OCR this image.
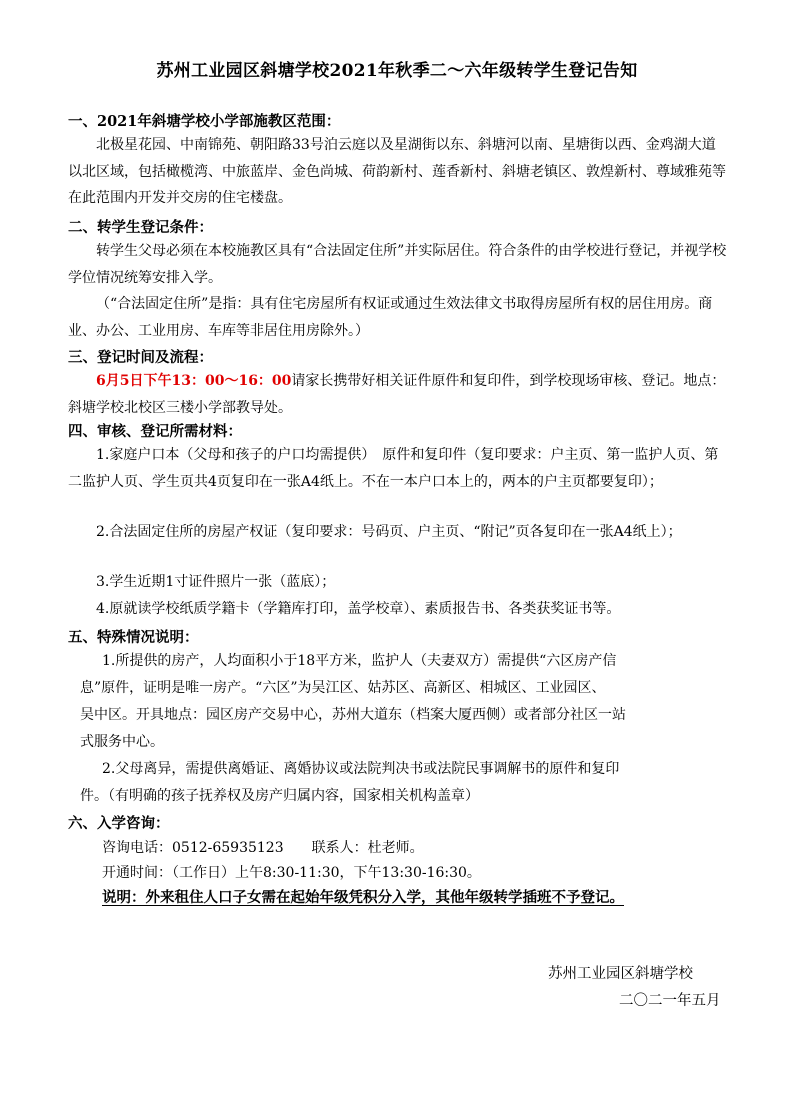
苏州工业园区斜塘学校2021年秋季二～六年级转学生登记告知
一、2021年斜塘学校小学部施教区范围：
北极星花园、中南锦苑、朝阳路33号泊云庭以及星湖街以东、斜塘河以南、星塘街以西、金鸡湖大道以北区域，包括橄榄湾、中旅蓝岸、金色尚城、荷韵新村、莲香新村、斜塘老镇区、敦煌新村、尊域雅苑等在此范围内开发并交房的住宅楼盘。
二、转学生登记条件：
转学生父母必须在本校施教区具有“合法固定住所”并实际居住。符合条件的由学校进行登记，并视学校学位情况统筹安排入学。
（“合法固定住所”是指：具有住宅房屋所有权证或通过生效法律文书取得房屋所有权的居住用房。商业、办公、工业用房、车库等非居住用房除外。）
三、登记时间及流程：
6月5日下午13：00～16：00请家长携带好相关证件原件和复印件，到学校现场审核、登记。地点：斜塘学校北校区三楼小学部教导处。
四、审核、登记所需材料：
1.家庭户口本（父母和孩子的户口均需提供）　原件和复印件（复印要求：户主页、第一监护人页、第二监护人页、学生页共4页复印在一张A4纸上。不在一本户口本上的，两本的户主页都要复印）；
2.合法固定住所的房屋产权证（复印要求：号码页、户主页、“附记”页各复印在一张A4纸上）；
3.学生近期1寸证件照片一张（蓝底）；
4.原就读学校纸质学籍卡（学籍库打印，盖学校章）、素质报告书、各类获奖证书等。
五、特殊情况说明：
1.所提供的房产，人均面积小于18平方米，监护人（夫妻双方）需提供“六区房产信
息”原件，证明是唯一房产。“六区”为吴江区、姑苏区、高新区、相城区、工业园区、
吴中区。开具地点：园区房产交易中心，苏州大道东（档案大厦西侧）或者部分社区一站
式服务中心。
2.父母离异，需提供离婚证、离婚协议或法院判决书或法院民事调解书的原件和复印
件。（有明确的孩子抚养权及房产归属内容，国家相关机构盖章）
六、入学咨询：
咨询电话：0512-65935123　　联系人：杜老师。
开通时间：（工作日）上午8:30-11:30，下午13:30-16:30。
说明：外来租住人口子女需在起始年级凭积分入学，其他年级转学插班不予登记。
苏州工业园区斜塘学校
二〇二一年五月
